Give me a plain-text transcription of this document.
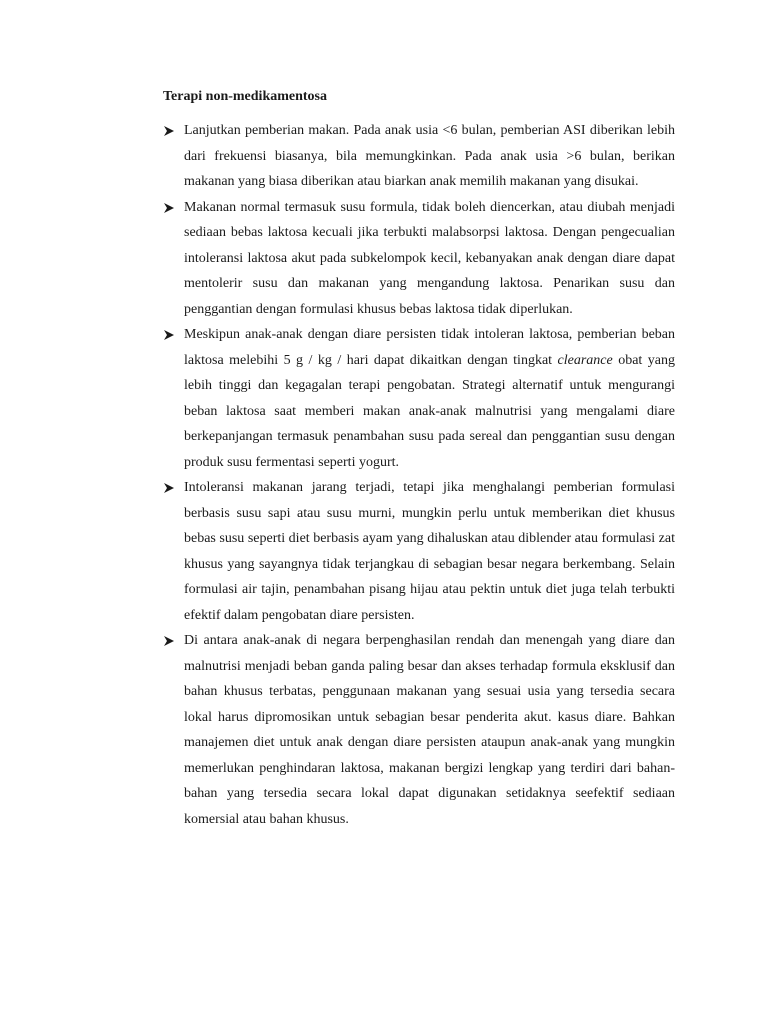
Terapi non-medikamentosa

Lanjutkan pemberian makan. Pada anak usia <6 bulan, pemberian ASI diberikan lebih dari frekuensi biasanya, bila memungkinkan. Pada anak usia >6 bulan, berikan makanan yang biasa diberikan atau biarkan anak memilih makanan yang disukai.
Makanan normal termasuk susu formula, tidak boleh diencerkan, atau diubah menjadi sediaan bebas laktosa kecuali jika terbukti malabsorpsi laktosa. Dengan pengecualian intoleransi laktosa akut pada subkelompok kecil, kebanyakan anak dengan diare dapat mentolerir susu dan makanan yang mengandung laktosa. Penarikan susu dan penggantian dengan formulasi khusus bebas laktosa tidak diperlukan.
Meskipun anak-anak dengan diare persisten tidak intoleran laktosa, pemberian beban laktosa melebihi 5 g / kg / hari dapat dikaitkan dengan tingkat clearance obat yang lebih tinggi dan kegagalan terapi pengobatan. Strategi alternatif untuk mengurangi beban laktosa saat memberi makan anak-anak malnutrisi yang mengalami diare berkepanjangan termasuk penambahan susu pada sereal dan penggantian susu dengan produk susu fermentasi seperti yogurt.
Intoleransi makanan jarang terjadi, tetapi jika menghalangi pemberian formulasi berbasis susu sapi atau susu murni, mungkin perlu untuk memberikan diet khusus bebas susu seperti diet berbasis ayam yang dihaluskan atau diblender atau formulasi zat khusus yang sayangnya tidak terjangkau di sebagian besar negara berkembang. Selain formulasi air tajin, penambahan pisang hijau atau pektin untuk diet juga telah terbukti efektif dalam pengobatan diare persisten.
Di antara anak-anak di negara berpenghasilan rendah dan menengah yang diare dan malnutrisi menjadi beban ganda paling besar dan akses terhadap formula eksklusif dan bahan khusus terbatas, penggunaan makanan yang sesuai usia yang tersedia secara lokal harus dipromosikan untuk sebagian besar penderita akut. kasus diare. Bahkan manajemen diet untuk anak dengan diare persisten ataupun anak-anak yang mungkin memerlukan penghindaran laktosa, makanan bergizi lengkap yang terdiri dari bahan-bahan yang tersedia secara lokal dapat digunakan setidaknya seefektif sediaan komersial atau bahan khusus.
